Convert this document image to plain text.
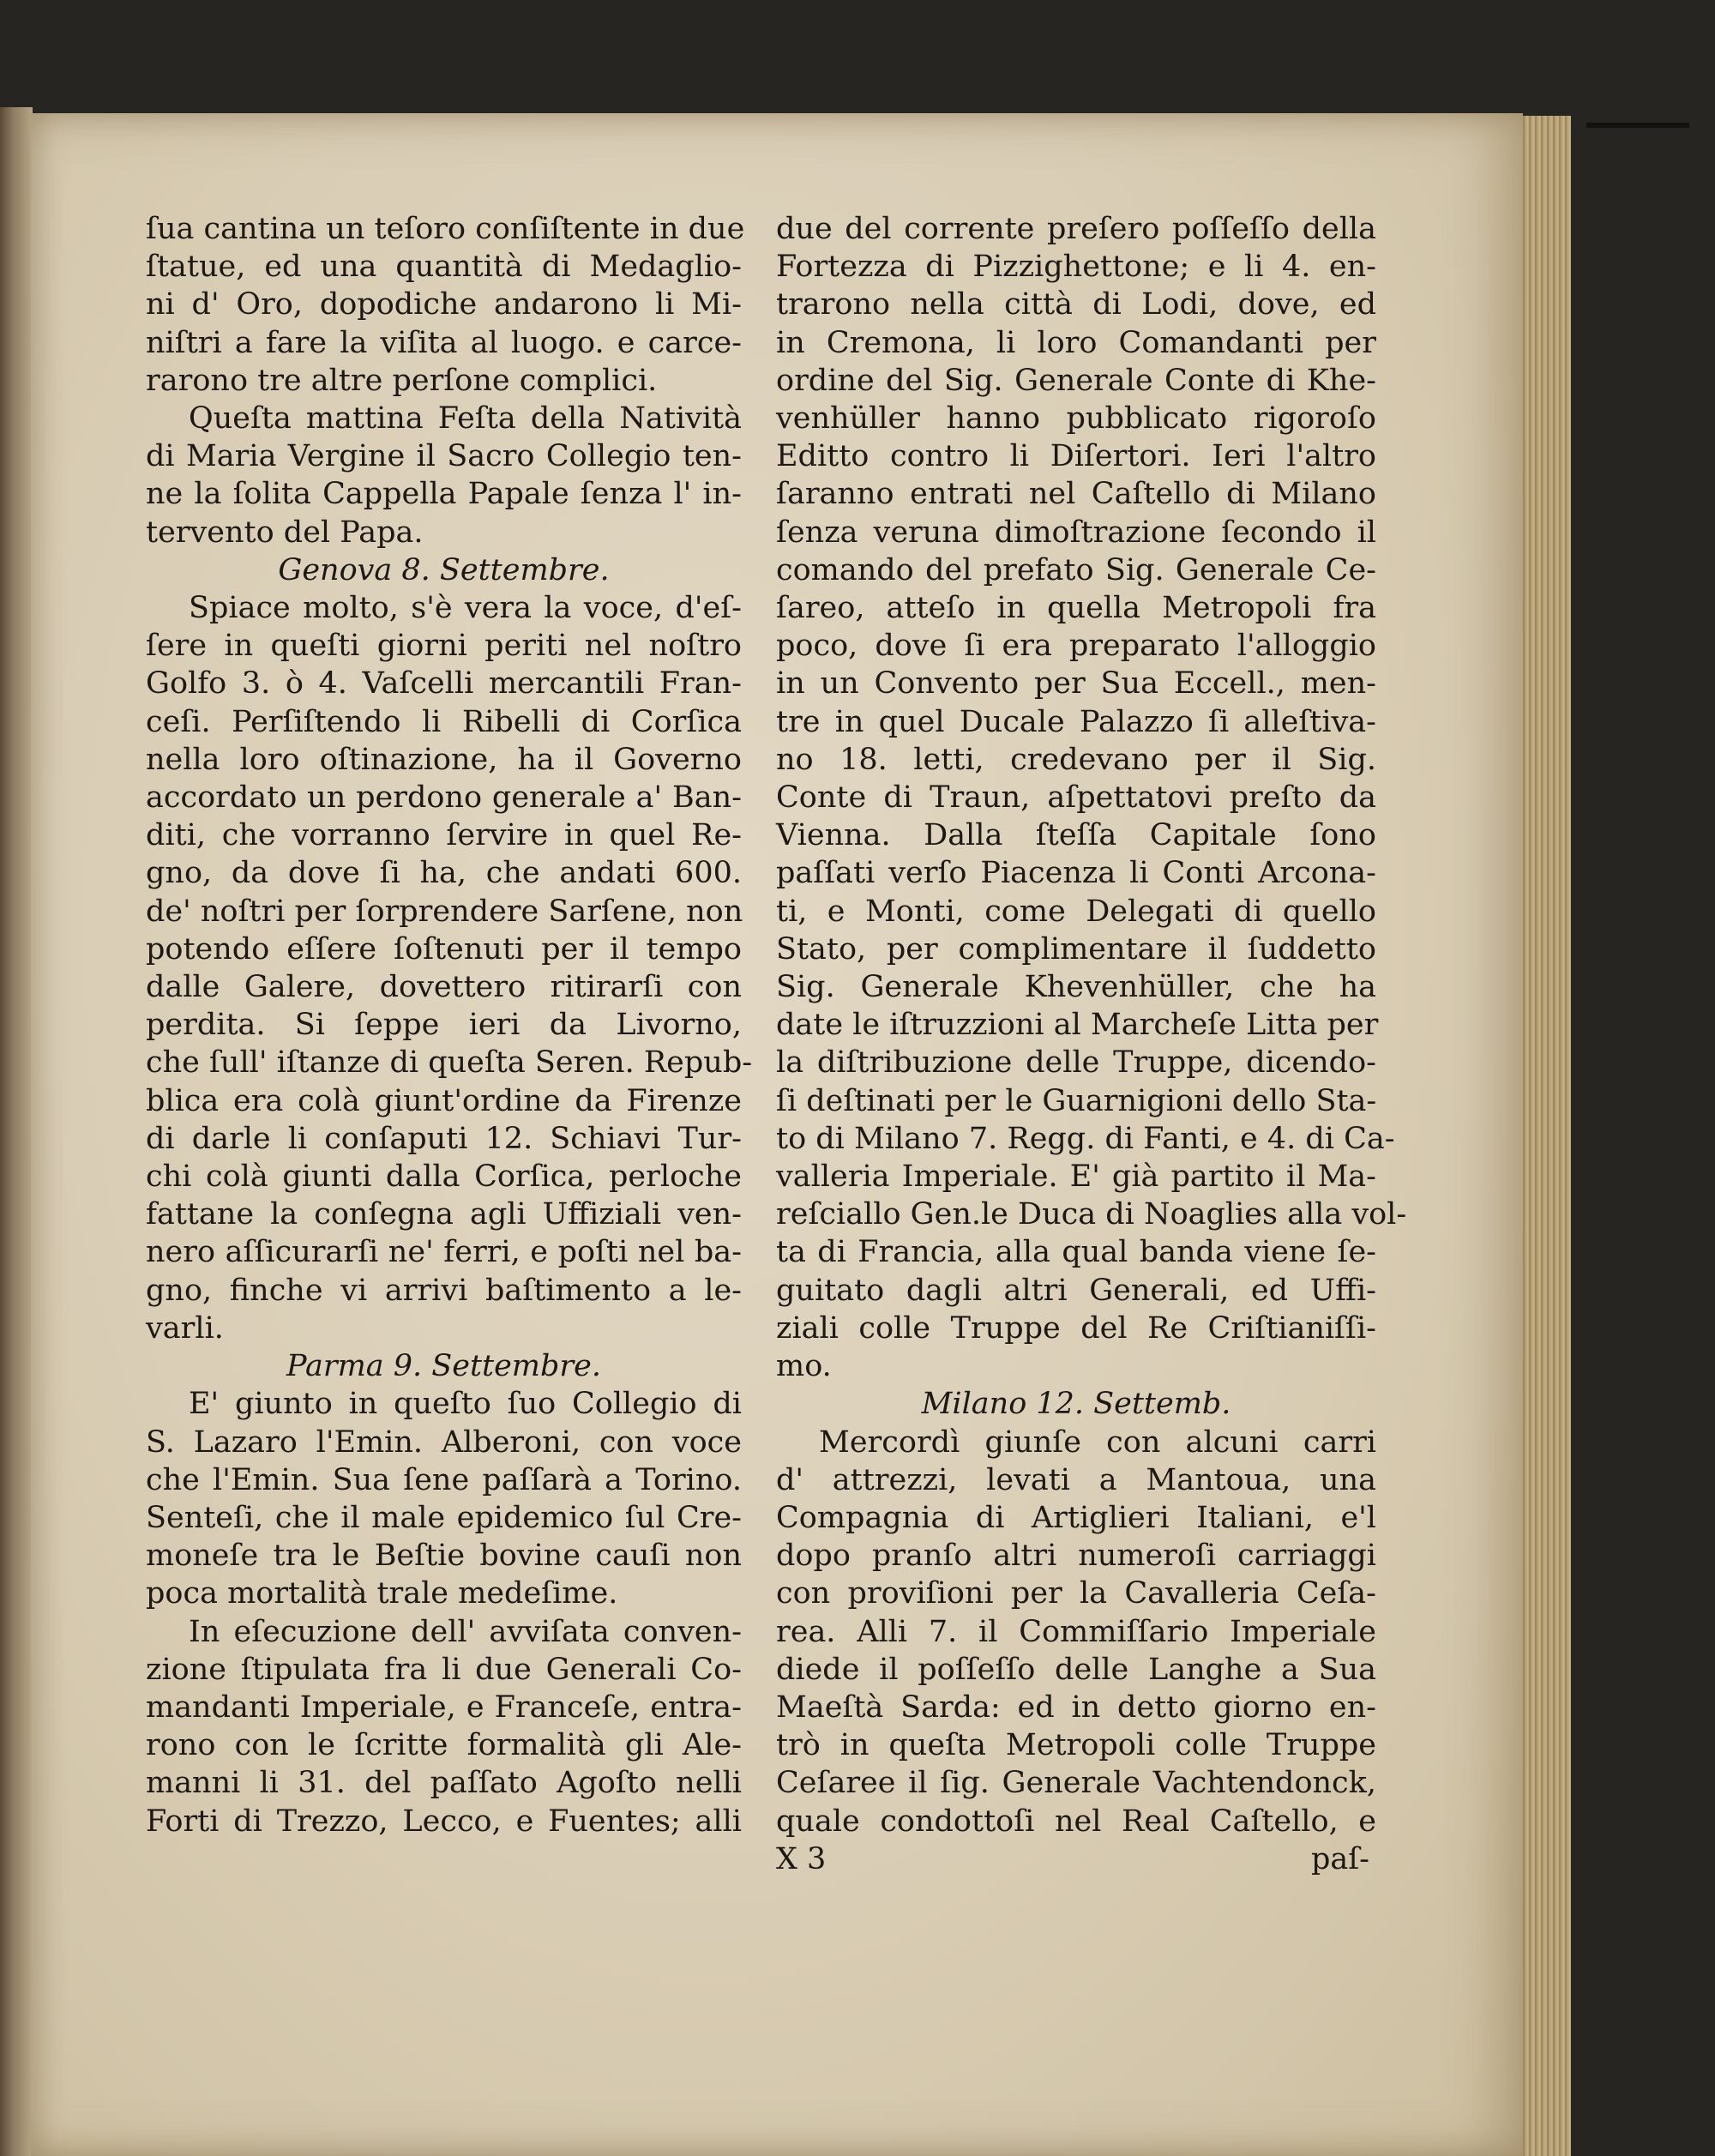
ſua cantina un teſoro conſiſtente in due
ſtatue, ed una quantità di Medaglio-
ni d' Oro, dopodiche andarono li Mi-
niſtri a fare la viſita al luogo. e carce-
rarono tre altre perſone complici.
Queſta mattina Feſta della Natività
di Maria Vergine il Sacro Collegio ten-
ne la ſolita Cappella Papale ſenza l' in-
tervento del Papa.
Genova 8. Settembre.
Spiace molto, s'è vera la voce, d'eſ-
ſere in queſti giorni periti nel noſtro
Golfo 3. ò 4. Vaſcelli mercantili Fran-
ceſi. Perſiſtendo li Ribelli di Corſica
nella loro oſtinazione, ha il Governo
accordato un perdono generale a' Ban-
diti, che vorranno ſervire in quel Re-
gno, da dove ſi ha, che andati 600.
de' noſtri per ſorprendere Sarſene, non
potendo eſſere ſoſtenuti per il tempo
dalle Galere, dovettero ritirarſi con
perdita. Si ſeppe ieri da Livorno,
che ſull' iſtanze di queſta Seren. Repub-
blica era colà giunt'ordine da Firenze
di darle li conſaputi 12. Schiavi Tur-
chi colà giunti dalla Corſica, perloche
fattane la conſegna agli Uffiziali ven-
nero aſſicurarſi ne' ferri, e poſti nel ba-
gno, finche vi arrivi baſtimento a le-
varli.
Parma 9. Settembre.
E' giunto in queſto ſuo Collegio di
S. Lazaro l'Emin. Alberoni, con voce
che l'Emin. Sua ſene paſſarà a Torino.
Senteſi, che il male epidemico ſul Cre-
moneſe tra le Beſtie bovine cauſi non
poca mortalità trale medeſime.
In eſecuzione dell' avviſata conven-
zione ſtipulata fra li due Generali Co-
mandanti Imperiale, e Franceſe, entra-
rono con le ſcritte formalità gli Ale-
manni li 31. del paſſato Agoſto nelli
Forti di Trezzo, Lecco, e Fuentes; alli
due del corrente preſero poſſeſſo della
Fortezza di Pizzighettone; e li 4. en-
trarono nella città di Lodi, dove, ed
in Cremona, li loro Comandanti per
ordine del Sig. Generale Conte di Khe-
venhüller hanno pubblicato rigoroſo
Editto contro li Diſertori. Ieri l'altro
ſaranno entrati nel Caſtello di Milano
ſenza veruna dimoſtrazione ſecondo il
comando del prefato Sig. Generale Ce-
ſareo, atteſo in quella Metropoli fra
poco, dove ſi era preparato l'alloggio
in un Convento per Sua Eccell., men-
tre in quel Ducale Palazzo ſi alleſtiva-
no 18. letti, credevano per il Sig.
Conte di Traun, aſpettatovi preſto da
Vienna. Dalla ſteſſa Capitale ſono
paſſati verſo Piacenza li Conti Arcona-
ti, e Monti, come Delegati di quello
Stato, per complimentare il ſuddetto
Sig. Generale Khevenhüller, che ha
date le iſtruzzioni al Marcheſe Litta per
la diſtribuzione delle Truppe, dicendo-
ſi deſtinati per le Guarnigioni dello Sta-
to di Milano 7. Regg. di Fanti, e 4. di Ca-
valleria Imperiale. E' già partito il Ma-
reſciallo Gen.le Duca di Noaglies alla vol-
ta di Francia, alla qual banda viene ſe-
guitato dagli altri Generali, ed Uffi-
ziali colle Truppe del Re Criſtianiſſi-
mo.
Milano 12. Settemb.
Mercordì giunſe con alcuni carri
d' attrezzi, levati a Mantoua, una
Compagnia di Artiglieri Italiani, e'l
dopo pranſo altri numeroſi carriaggi
con proviſioni per la Cavalleria Ceſa-
rea. Alli 7. il Commiſſario Imperiale
diede il poſſeſſo delle Langhe a Sua
Maeſtà Sarda: ed in detto giorno en-
trò in queſta Metropoli colle Truppe
Ceſaree il ſig. Generale Vachtendonck,
quale condottoſi nel Real Caſtello, e
X 3	paſ-
